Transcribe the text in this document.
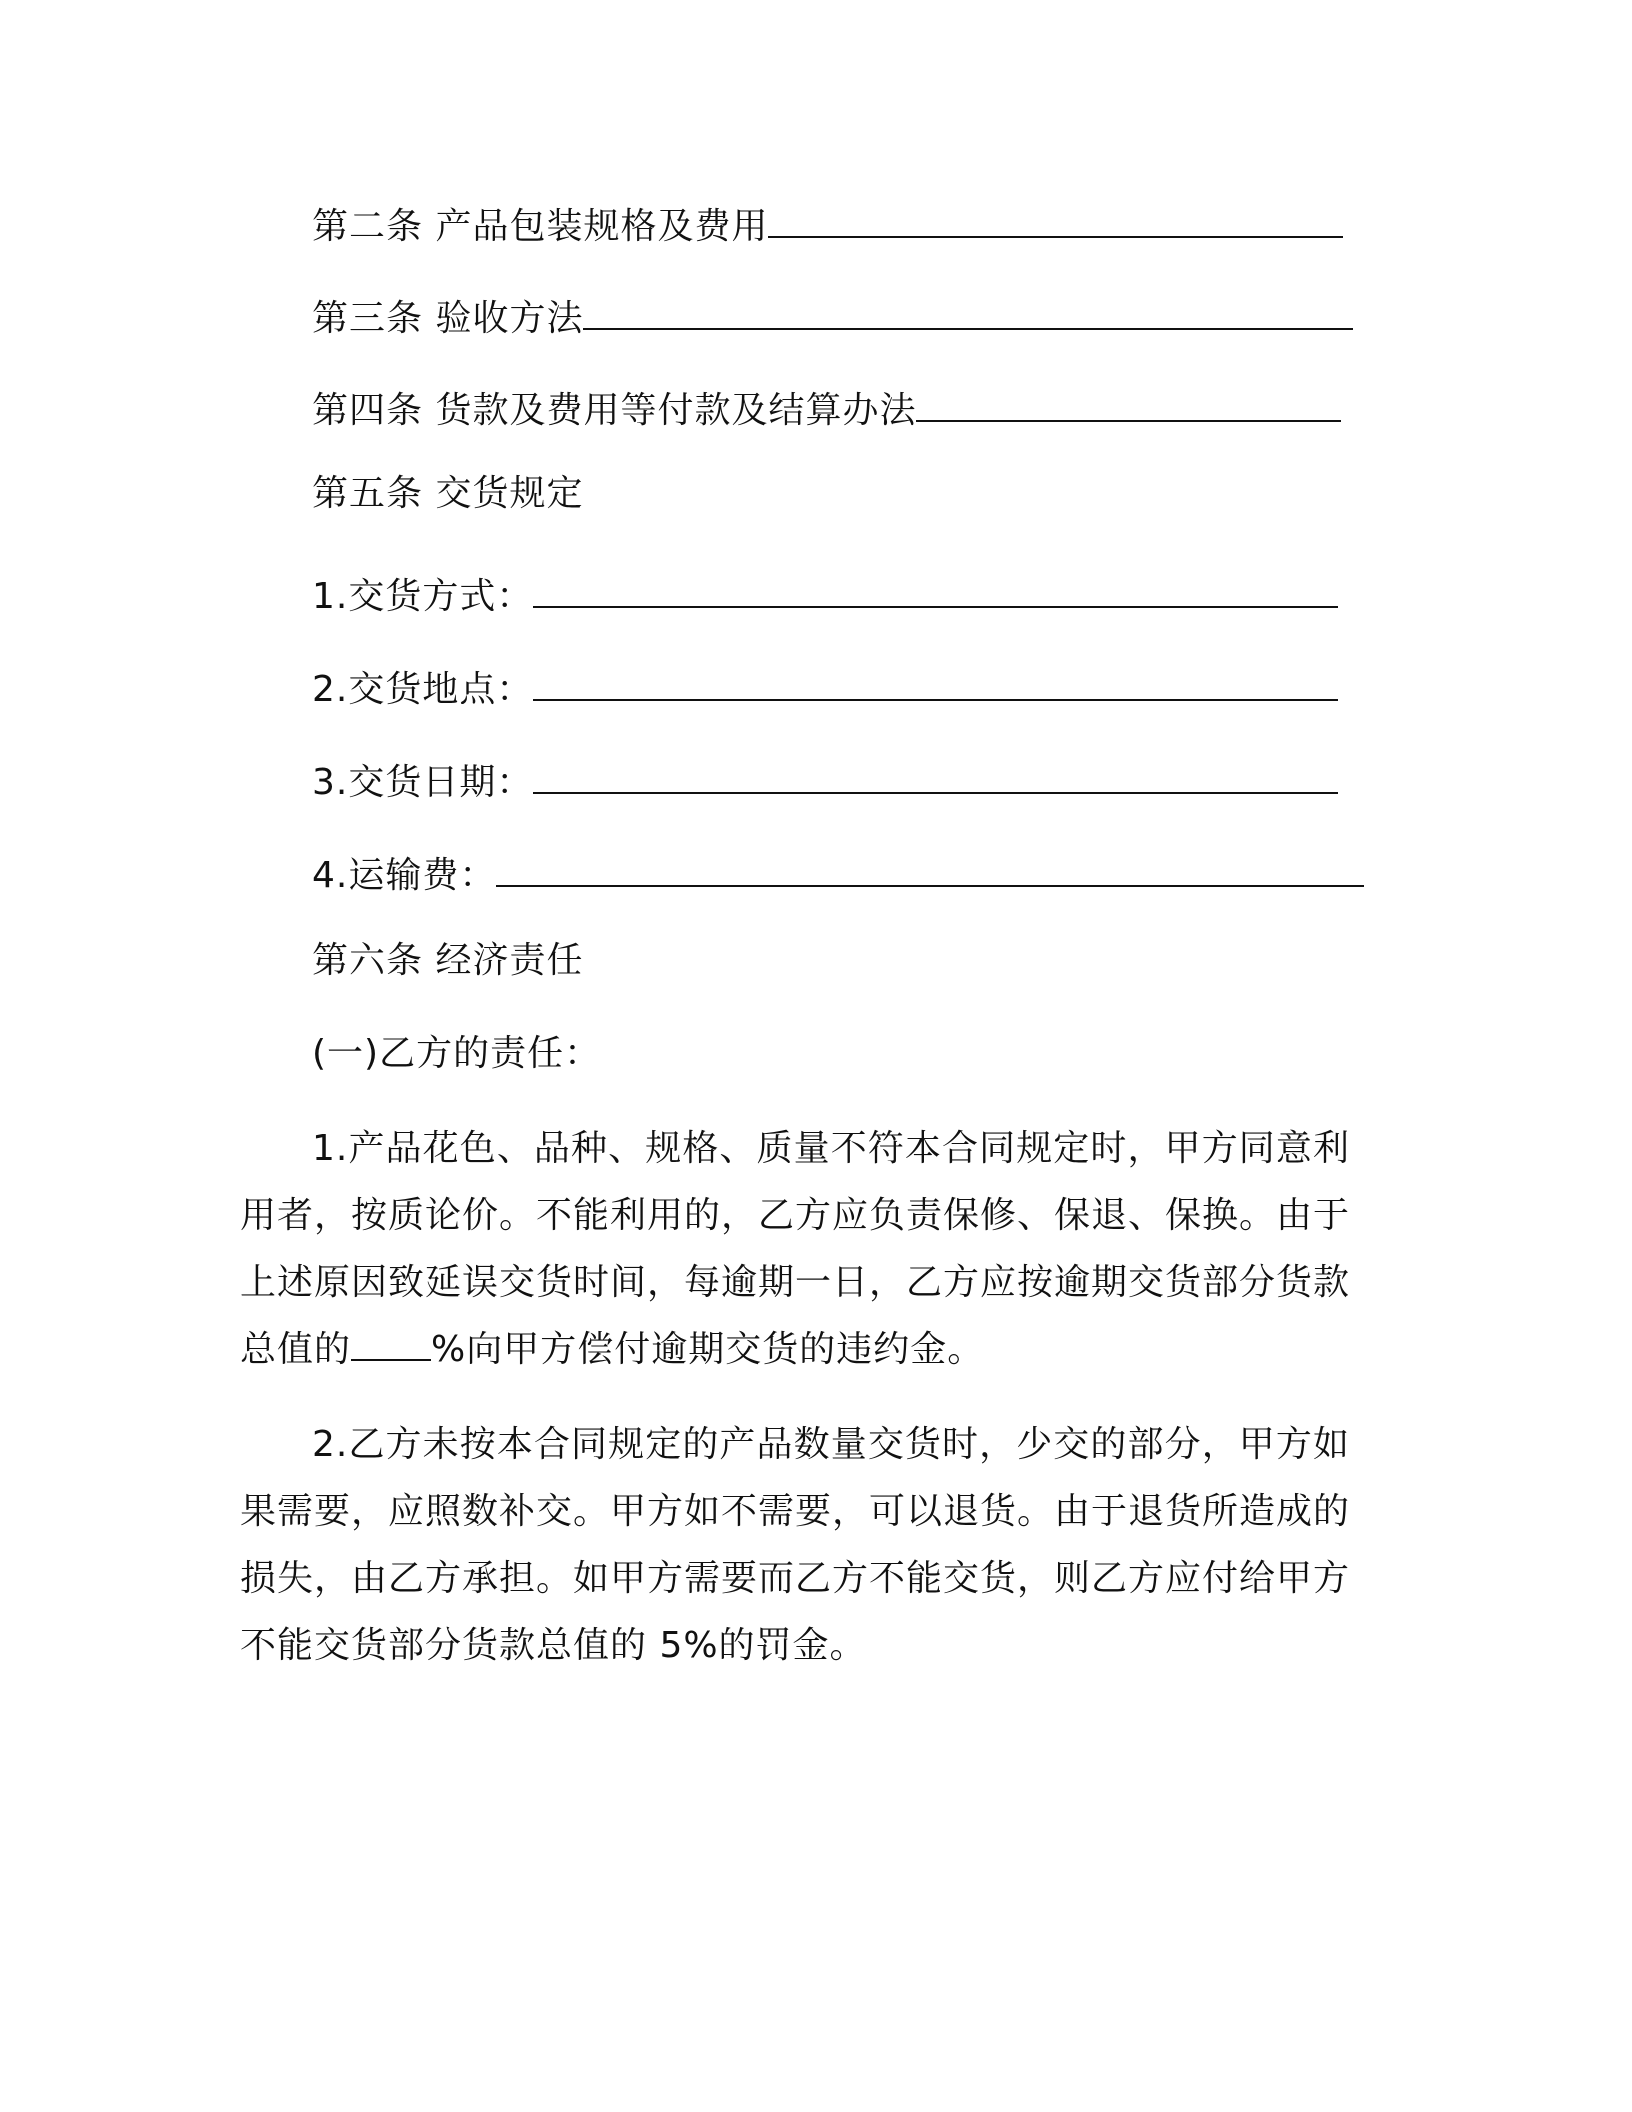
第二条 产品包装规格及费用
第三条 验收方法
第四条 货款及费用等付款及结算办法
第五条 交货规定
1.交货方式：
2.交货地点：
3.交货日期：
4.运输费：
第六条 经济责任
(一)乙方的责任：
1.产品花色、品种、规格、质量不符本合同规定时，甲方同意利用者，按质论价。不能利用的，乙方应负责保修、保退、保换。由于上述原因致延误交货时间，每逾期一日，乙方应按逾期交货部分货款总值的 %向甲方偿付逾期交货的违约金。
2.乙方未按本合同规定的产品数量交货时，少交的部分，甲方如果需要，应照数补交。甲方如不需要，可以退货。由于退货所造成的损失，由乙方承担。如甲方需要而乙方不能交货，则乙方应付给甲方不能交货部分货款总值的 5%的罚金。
